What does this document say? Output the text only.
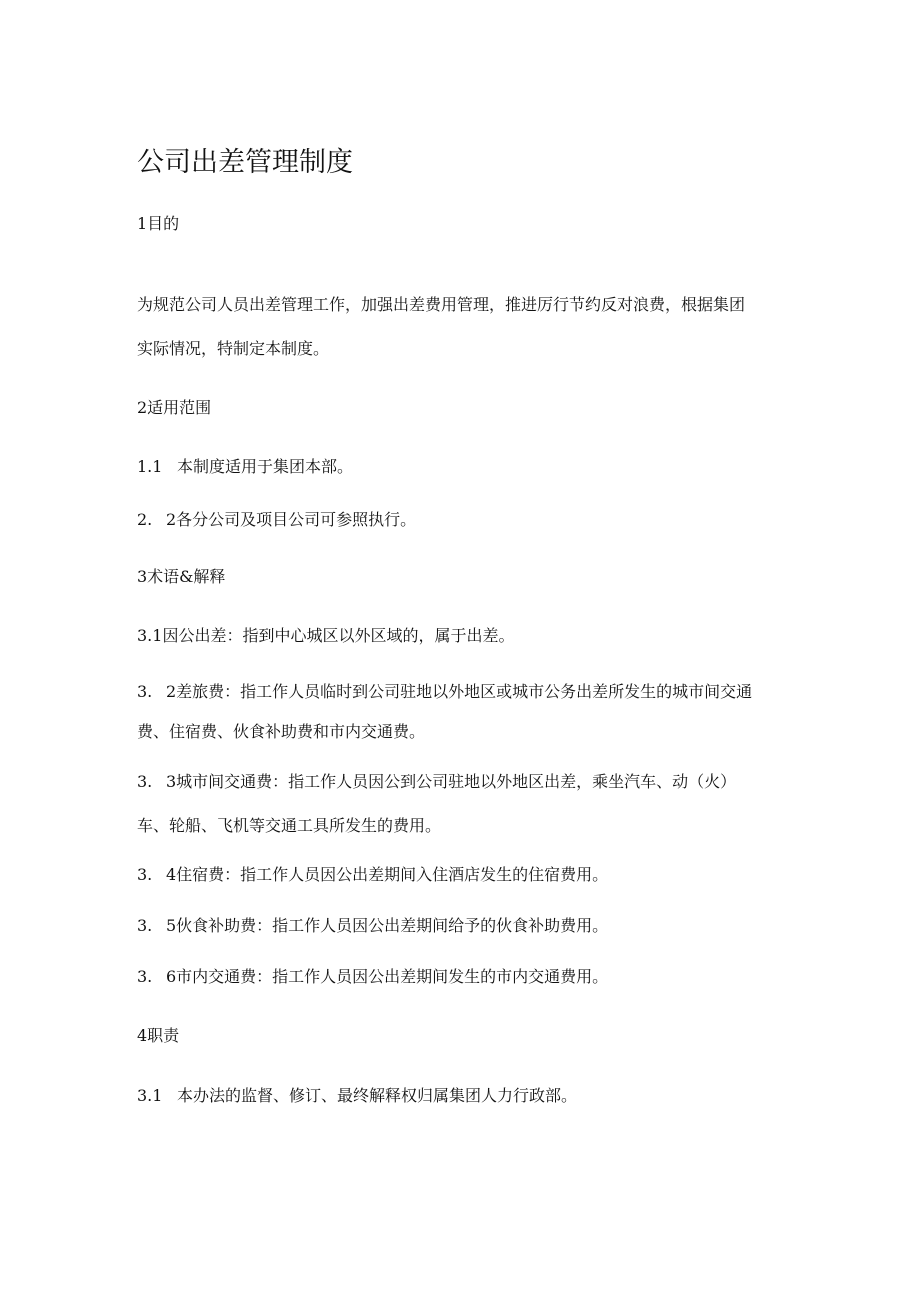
公司出差管理制度
1目的
为规范公司人员出差管理工作，加强出差费用管理，推进厉行节约反对浪费，根据集团
实际情况，特制定本制度。
2适用范围
1.1 本制度适用于集团本部。
2. 2各分公司及项目公司可参照执行。
3术语&解释
3.1因公出差：指到中心城区以外区域的，属于出差。
3. 2差旅费：指工作人员临时到公司驻地以外地区或城市公务出差所发生的城市间交通
费、住宿费、伙食补助费和市内交通费。
3. 3城市间交通费：指工作人员因公到公司驻地以外地区出差，乘坐汽车、动（火）
车、轮船、飞机等交通工具所发生的费用。
3. 4住宿费：指工作人员因公出差期间入住酒店发生的住宿费用。
3. 5伙食补助费：指工作人员因公出差期间给予的伙食补助费用。
3. 6市内交通费：指工作人员因公出差期间发生的市内交通费用。
4职责
3.1 本办法的监督、修订、最终解释权归属集团人力行政部。
